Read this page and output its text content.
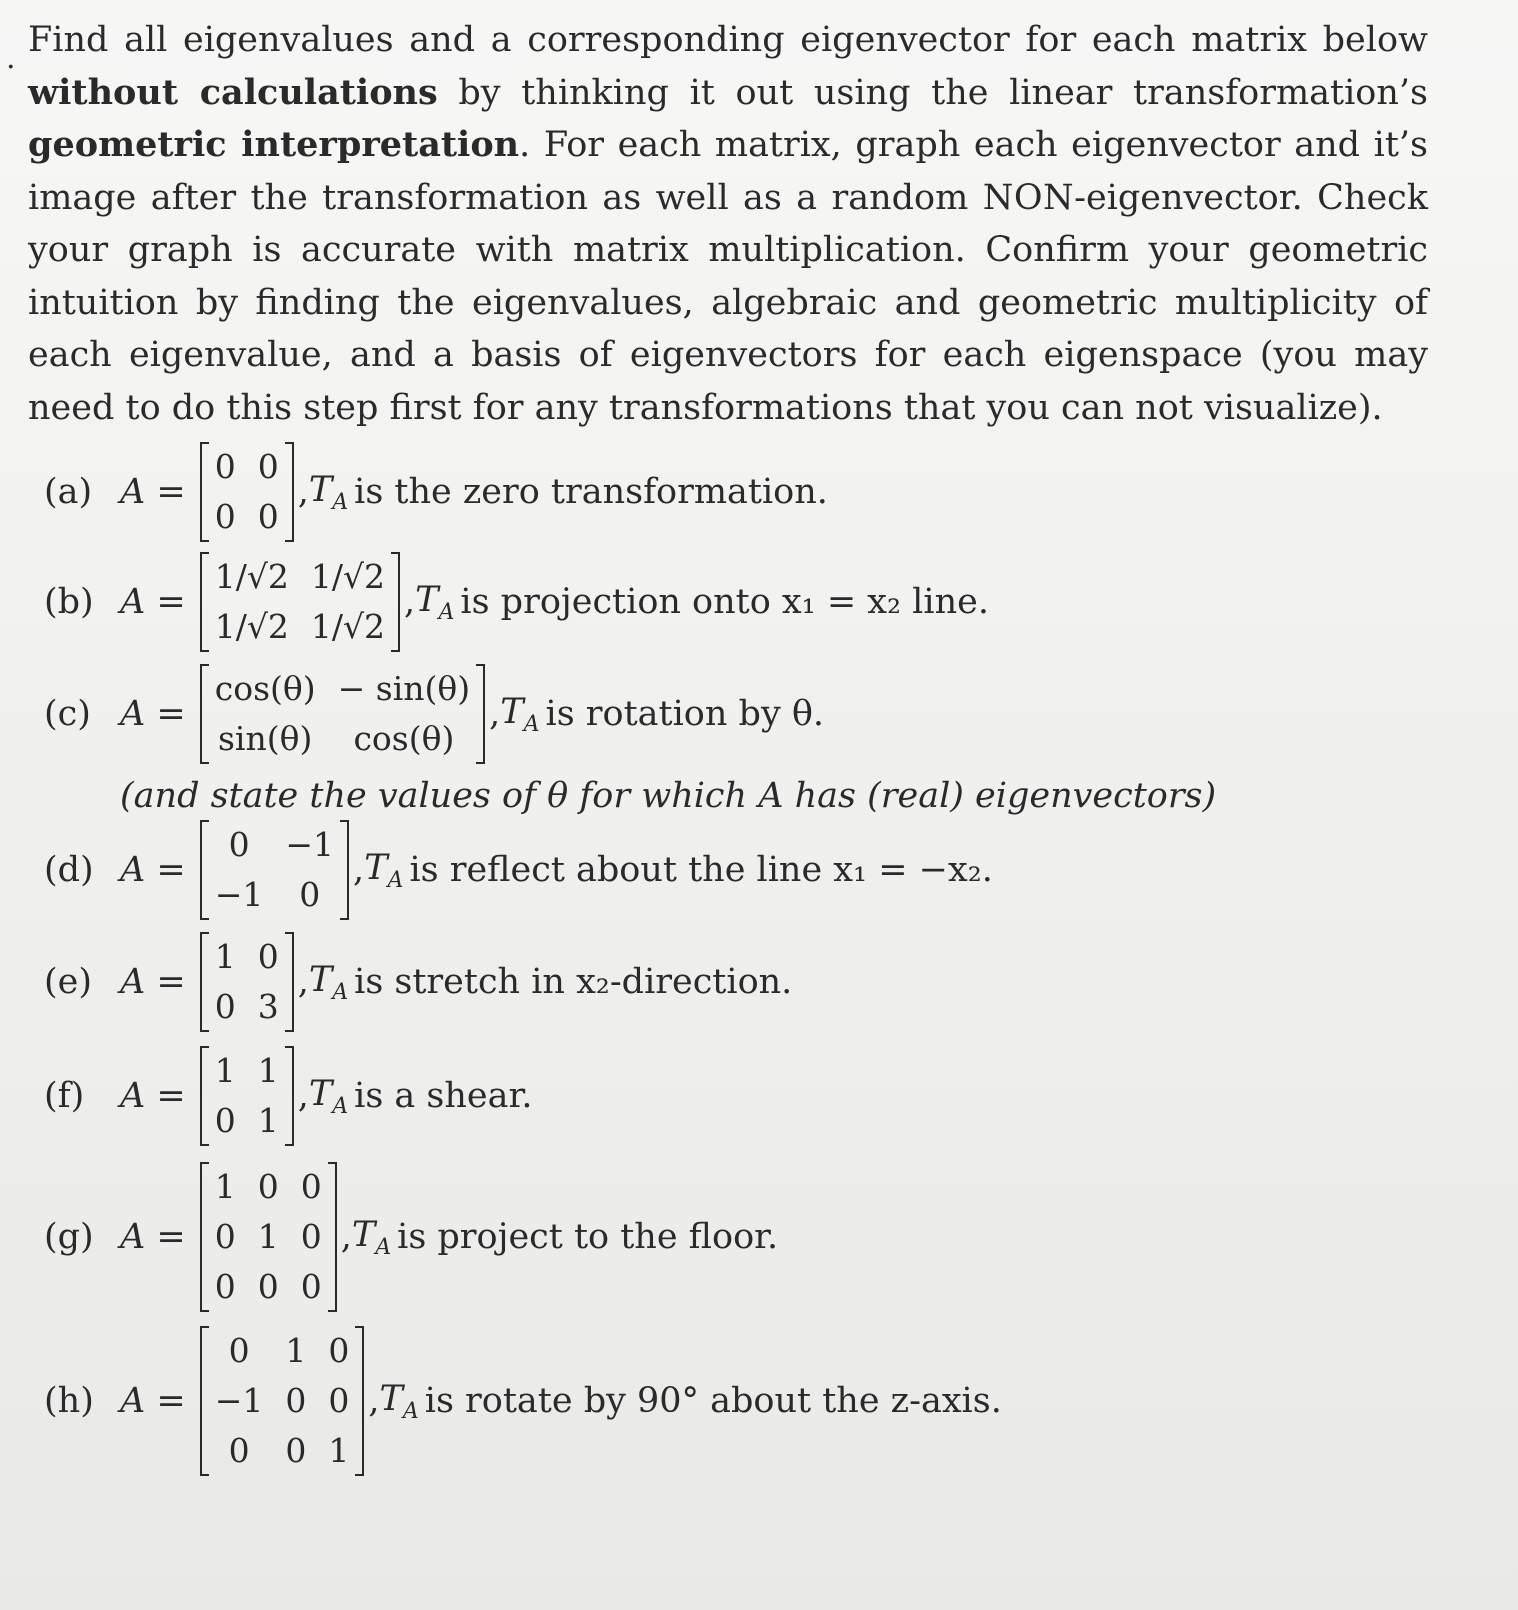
. Find all eigenvalues and a corresponding eigenvector for each matrix below without calculations by thinking it out using the linear transformation’s geometric interpretation. For each matrix, graph each eigenvector and it’s image after the transformation as well as a random NON-eigenvector. Check your graph is accurate with matrix multiplication. Confirm your geometric intuition by finding the eigenvalues, algebraic and geometric multiplicity of each eigenvalue, and a basis of eigenvectors for each eigenspace (you may need to do this step first for any transformations that you can not visualize).
(a) A =
0 0
0 0
, $T_A$ is the zero transformation.
(b) A =
1/√2 1/√2
1/√2 1/√2
, $T_A$ is projection onto x₁ = x₂ line.
(c) A =
cos(θ) − sin(θ)
sin(θ)	cos(θ)
, $T_A$ is rotation by θ.
(d) A =
0	−1
−1	0
, $T_A$ is reflect about the line x₁ = −x₂.
(e) A =
1 0
0 3
, $T_A$ is stretch in x₂-direction.
(f)	A =
1 1
0 1
, $T_A$ is a shear.
(g) A =
1 0 0
0 1 0
0 0 0
, $T_A$ is project to the floor.
(h) A =
0	1 0
−1 0 0
0	0 1
, $T_A$ is rotate by 90° about the z-axis.
(and state the values of θ for which A has (real) eigenvectors)
